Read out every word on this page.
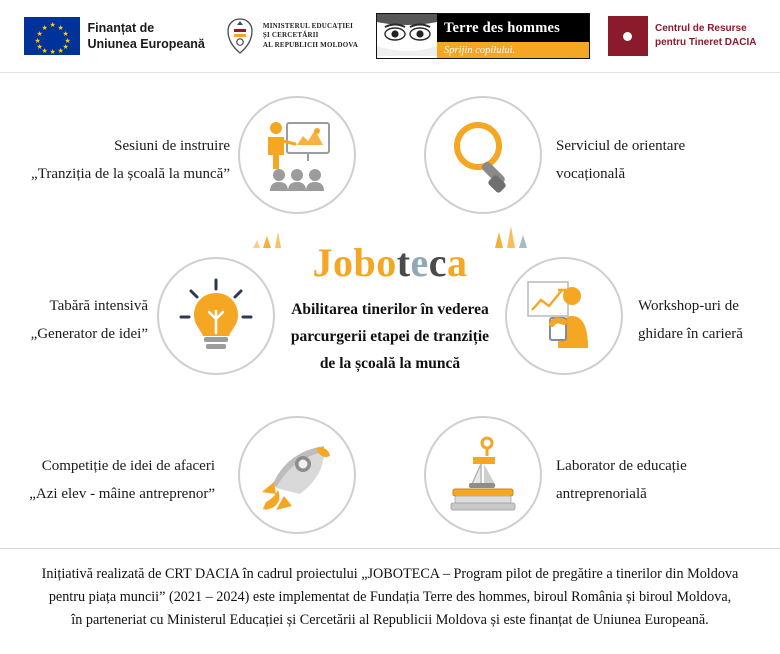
★ ★
★
★
★
★
★
★
★
★
★
★	Finanțat de
Uniunea Europeană
MINISTERUL EDUCAȚIEI
ȘI CERCETĂRII
AL REPUBLICII MOLDOVA
Terre des hommes
Sprijin copilului.
Centrul de Resurse
pentru Tineret DACIA
Sesiuni de instruire
„Tranziția de la școală la muncă”
Serviciul de orientare
vocațională
Tabără intensivă
„Generator de idei”
Workshop-uri de
ghidare în carieră
Competiție de idei de afaceri
„Azi elev - mâine antreprenor”
Laborator de educație
antreprenorială
Joboteca
Abilitarea tinerilor în vederea
parcurgerii etapei de tranziție
de la școală la muncă

Inițiativă realizată de CRT DACIA în cadrul proiectului „JOBOTECA – Program pilot de pregătire a tinerilor din Moldova

pentru piața muncii” (2021 – 2024) este implementat de Fundația Terre des hommes, biroul România și biroul Moldova,

în parteneriat cu Ministerul Educației și Cercetării al Republicii Moldova și este finanțat de Uniunea Europeană.
